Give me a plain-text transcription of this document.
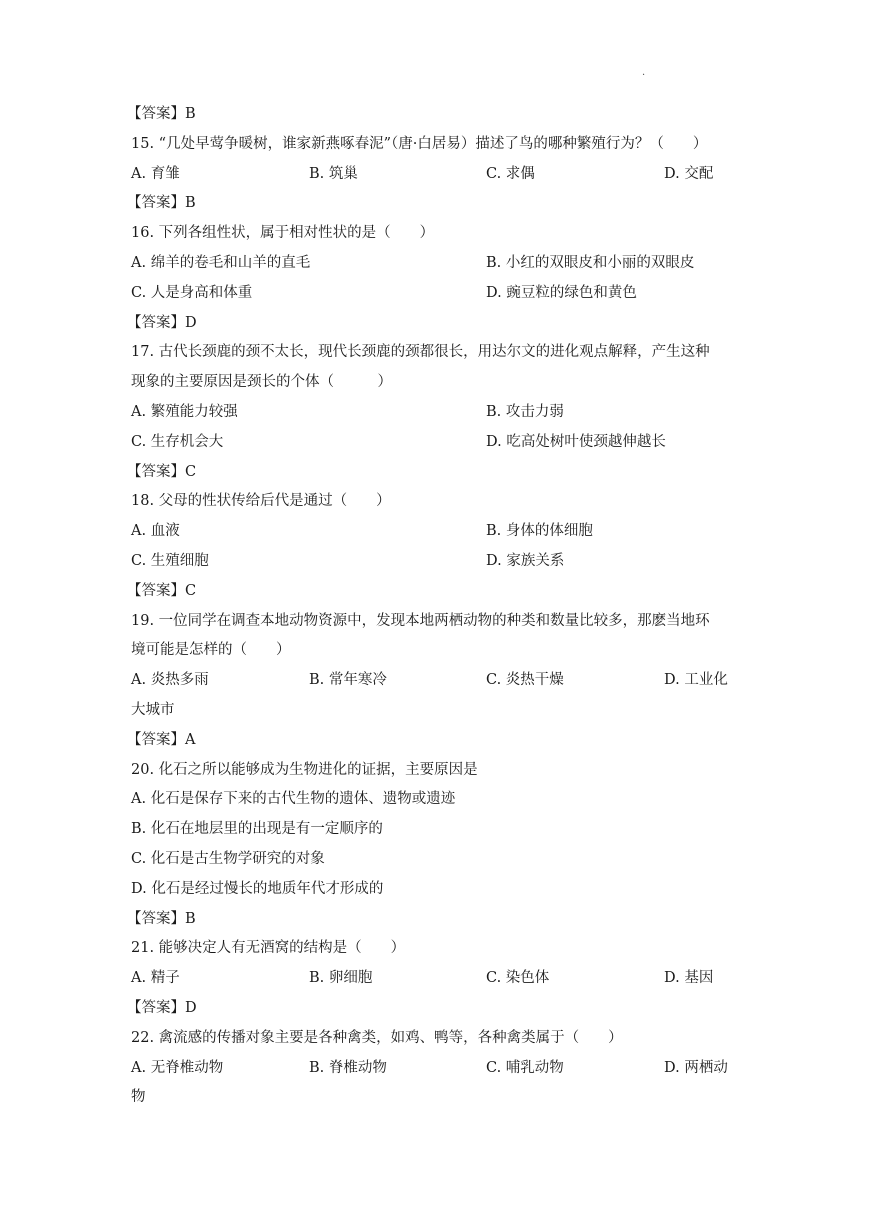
·
【答案】B
15. “几处早莺争暖树，谁家新燕啄春泥”（唐·白居易）描述了鸟的哪种繁殖行为？（　　）
A. 育雏	B. 筑巢	C. 求偶	D. 交配
【答案】B
16. 下列各组性状，属于相对性状的是（　　）
A. 绵羊的卷毛和山羊的直毛	B. 小红的双眼皮和小丽的双眼皮
C. 人是身高和体重	D. 豌豆粒的绿色和黄色
【答案】D
17. 古代长颈鹿的颈不太长，现代长颈鹿的颈都很长，用达尔文的进化观点解释，产生这种
现象的主要原因是颈长的个体（　　　）
A. 繁殖能力较强	B. 攻击力弱
C. 生存机会大	D. 吃高处树叶使颈越伸越长
【答案】C
18. 父母的性状传给后代是通过（　　）
A. 血液	B. 身体的体细胞
C. 生殖细胞	D. 家族关系
【答案】C
19. 一位同学在调查本地动物资源中，发现本地两栖动物的种类和数量比较多，那麽当地环
境可能是怎样的（　　）
A. 炎热多雨	B. 常年寒冷	C. 炎热干燥	D. 工业化
大城市
【答案】A
20. 化石之所以能够成为生物进化的证据，主要原因是
A. 化石是保存下来的古代生物的遗体、遗物或遗迹
B. 化石在地层里的出现是有一定顺序的
C. 化石是古生物学研究的对象
D. 化石是经过慢长的地质年代才形成的
【答案】B
21. 能够决定人有无酒窝的结构是（　　）
A. 精子	B. 卵细胞	C. 染色体	D. 基因
【答案】D
22. 禽流感的传播对象主要是各种禽类，如鸡、鸭等，各种禽类属于（　　）
A. 无脊椎动物	B. 脊椎动物	C. 哺乳动物	D. 两栖动
物
